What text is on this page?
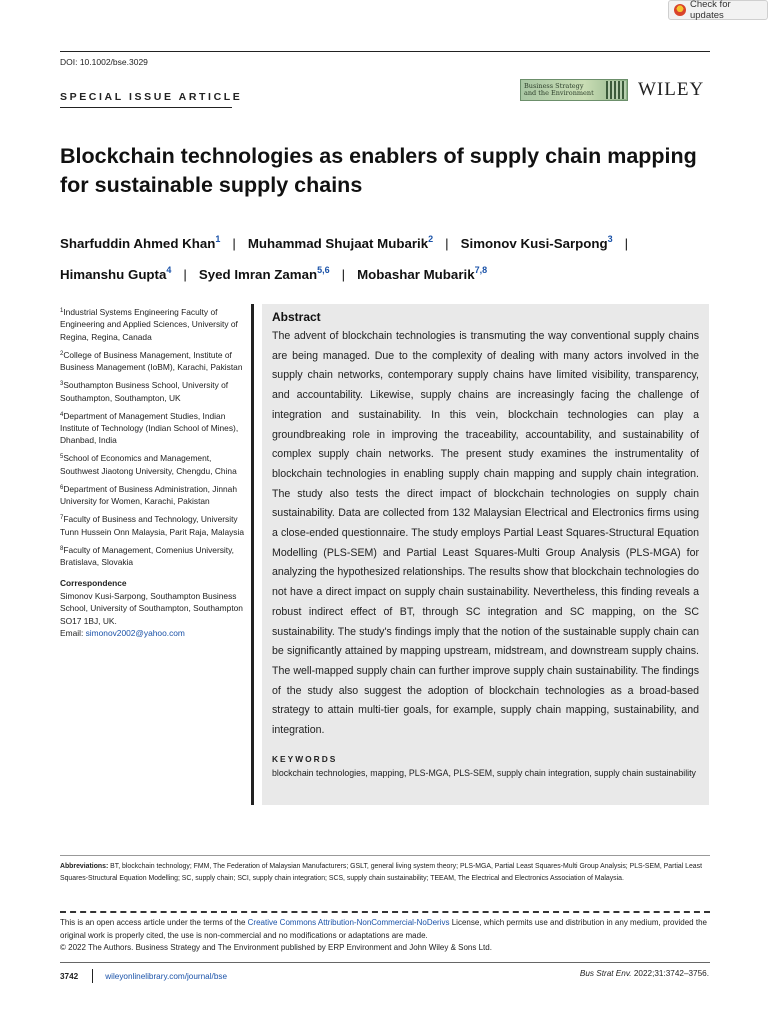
Check for updates
DOI: 10.1002/bse.3029
SPECIAL ISSUE ARTICLE
Business Strategy
and the Environment	WILEY
Blockchain technologies as enablers of supply chain mapping for sustainable supply chains
Sharfuddin Ahmed Khan$^1$ | Muhammad Shujaat Mubarik$^2$ | Simonov Kusi-Sarpong$^3$ |
Himanshu Gupta$^4$ | Syed Imran Zaman$^{5,6}$ | Mobashar Mubarik$^{7,8}$

$^1$Industrial Systems Engineering Faculty of Engineering and Applied Sciences, University of Regina, Regina, Canada

$^2$College of Business Management, Institute of Business Management (IoBM), Karachi, Pakistan

$^3$Southampton Business School, University of Southampton, Southampton, UK

$^4$Department of Management Studies, Indian Institute of Technology (Indian School of Mines), Dhanbad, India

$^5$School of Economics and Management, Southwest Jiaotong University, Chengdu, China

$^6$Department of Business Administration, Jinnah University for Women, Karachi, Pakistan

$^7$Faculty of Business and Technology, University Tunn Hussein Onn Malaysia, Parit Raja, Malaysia

$^8$Faculty of Management, Comenius University, Bratislava, Slovakia

Correspondence

Simonov Kusi-Sarpong, Southampton Business School, University of Southampton, Southampton SO17 1BJ, UK.
Email: simonov2002@yahoo.com

Abstract

The advent of blockchain technologies is transmuting the way conventional supply chains are being managed. Due to the complexity of dealing with many actors involved in the supply chain networks, contemporary supply chains have limited visibility, transparency, and accountability. Likewise, supply chains are increasingly facing the challenge of integration and sustainability. In this vein, blockchain technologies can play a groundbreaking role in improving the traceability, accountability, and sustainability of complex supply chain networks. The present study examines the instrumentality of blockchain technologies in enabling supply chain mapping and supply chain integration. The study also tests the direct impact of blockchain technologies on supply chain sustainability. Data are collected from 132 Malaysian Electrical and Electronics firms using a close-ended questionnaire. The study employs Partial Least Squares-Structural Equation Modelling (PLS-SEM) and Partial Least Squares-Multi Group Analysis (PLS-MGA) for analyzing the hypothesized relationships. The results show that blockchain technologies do not have a direct impact on supply chain sustainability. Nevertheless, this finding reveals a robust indirect effect of BT, through SC integration and SC mapping, on the SC sustainability. The study's findings imply that the notion of the sustainable supply chain can be significantly attained by mapping upstream, midstream, and downstream supply chains. The well-mapped supply chain can further improve supply chain sustainability. The findings of the study also suggest the adoption of blockchain technologies as a broad-based strategy to attain multi-tier goals, for example, supply chain mapping, sustainability, and integration.

KEYWORDS

blockchain technologies, mapping, PLS-MGA, PLS-SEM, supply chain integration, supply chain sustainability

Abbreviations: BT, blockchain technology; FMM, The Federation of Malaysian Manufacturers; GSLT, general living system theory; PLS-MGA, Partial Least Squares-Multi Group Analysis; PLS-SEM, Partial Least Squares-Structural Equation Modelling; SC, supply chain; SCI, supply chain integration; SCS, supply chain sustainability; TEEAM, The Electrical and Electronics Association of Malaysia.
This is an open access article under the terms of the Creative Commons Attribution-NonCommercial-NoDerivs License, which permits use and distribution in any medium, provided the original work is properly cited, the use is non-commercial and no modifications or adaptations are made.
© 2022 The Authors. Business Strategy and The Environment published by ERP Environment and John Wiley & Sons Ltd.
3742	wileyonlinelibrary.com/journal/bse	Bus Strat Env. 2022;31:3742–3756.
